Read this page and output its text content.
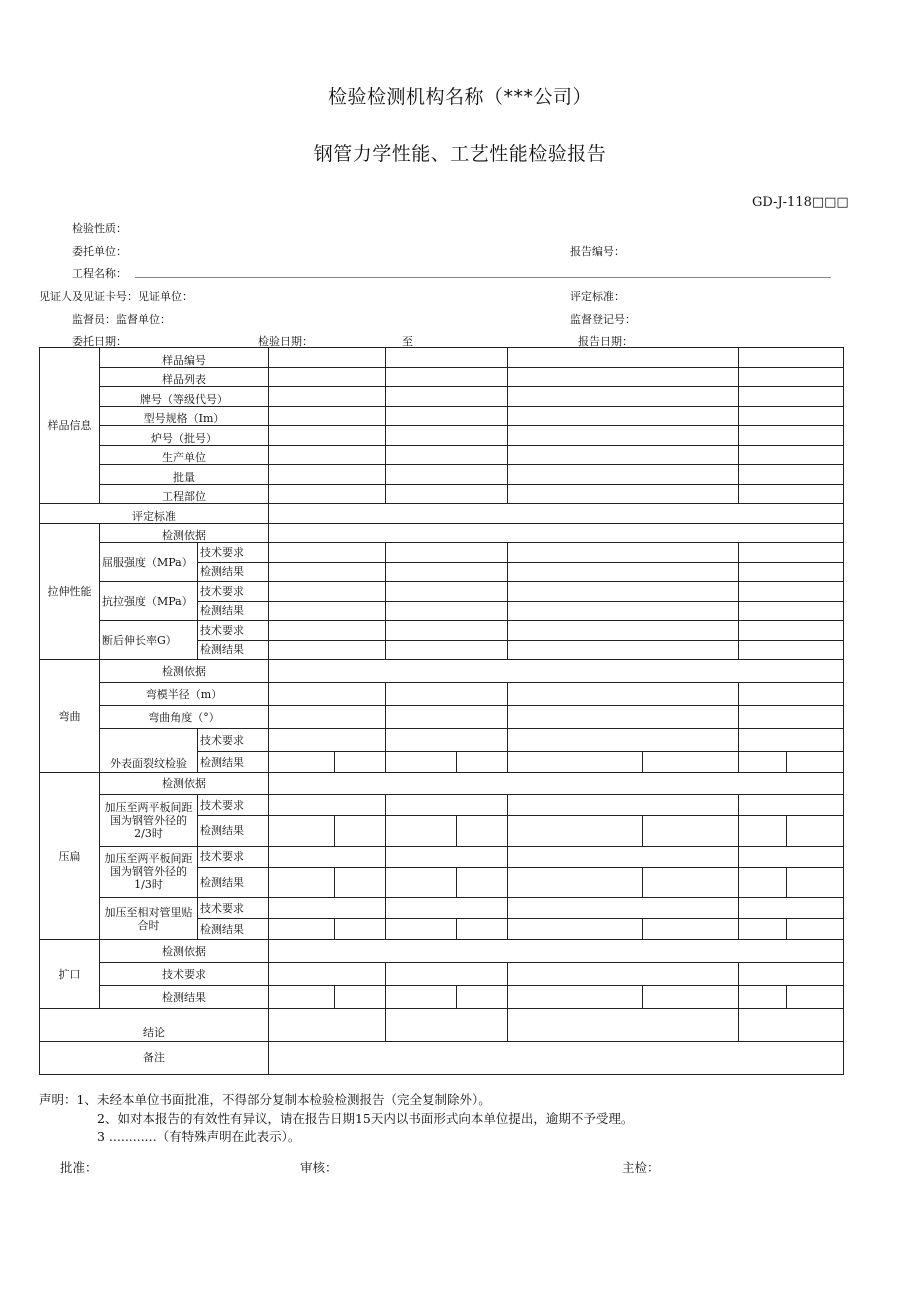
检验检测机构名称（***公司）
钢管力学性能、工艺性能检验报告
GD-J-118□□□
检验性质：
委托单位：	报告编号：
工程名称：
见证人及见证卡号：见证单位：	评定标准：
监督员：监督单位：	监督登记号：
委托日期：	检验日期：	至	报告日期：
样品信息	样品编号									
	样品列表									
	牌号（等级代号）									
	型号规格（Im）									
	炉号（批号）									
	生产单位									
	批量									
	工程部位									
评定标准										
拉伸性能	检测依据									
	屈服强度（MPa）	技术要求								
		检测结果								
	抗拉强度（MPa）	技术要求								
		检测结果								
	断后伸长率G）	技术要求								
		检测结果								
弯曲	检测依据									
	弯模半径（m）									
	弯曲角度（°）									
	外表面裂纹检验	技术要求								
		检测结果								
压扁	检测依据									
	加压至两平板间距国为钢管外径的2/3时	技术要求								
		检测结果								
	加压至两平板间距国为钢管外径的1/3时	技术要求								
		检测结果								
	加压至相对管里贴合时	技术要求								
		检测结果								
扩口	检测依据									
	技术要求									
	检测结果									
结论										
备注										
声明：1、未经本单位书面批准，不得部分复制本检验检测报告（完全复制除外）。
2、如对本报告的有效性有异议，请在报告日期15天内以书面形式向本单位提出，逾期不予受理。
3 ............（有特殊声明在此表示）。
批准：	审核：	主检：
